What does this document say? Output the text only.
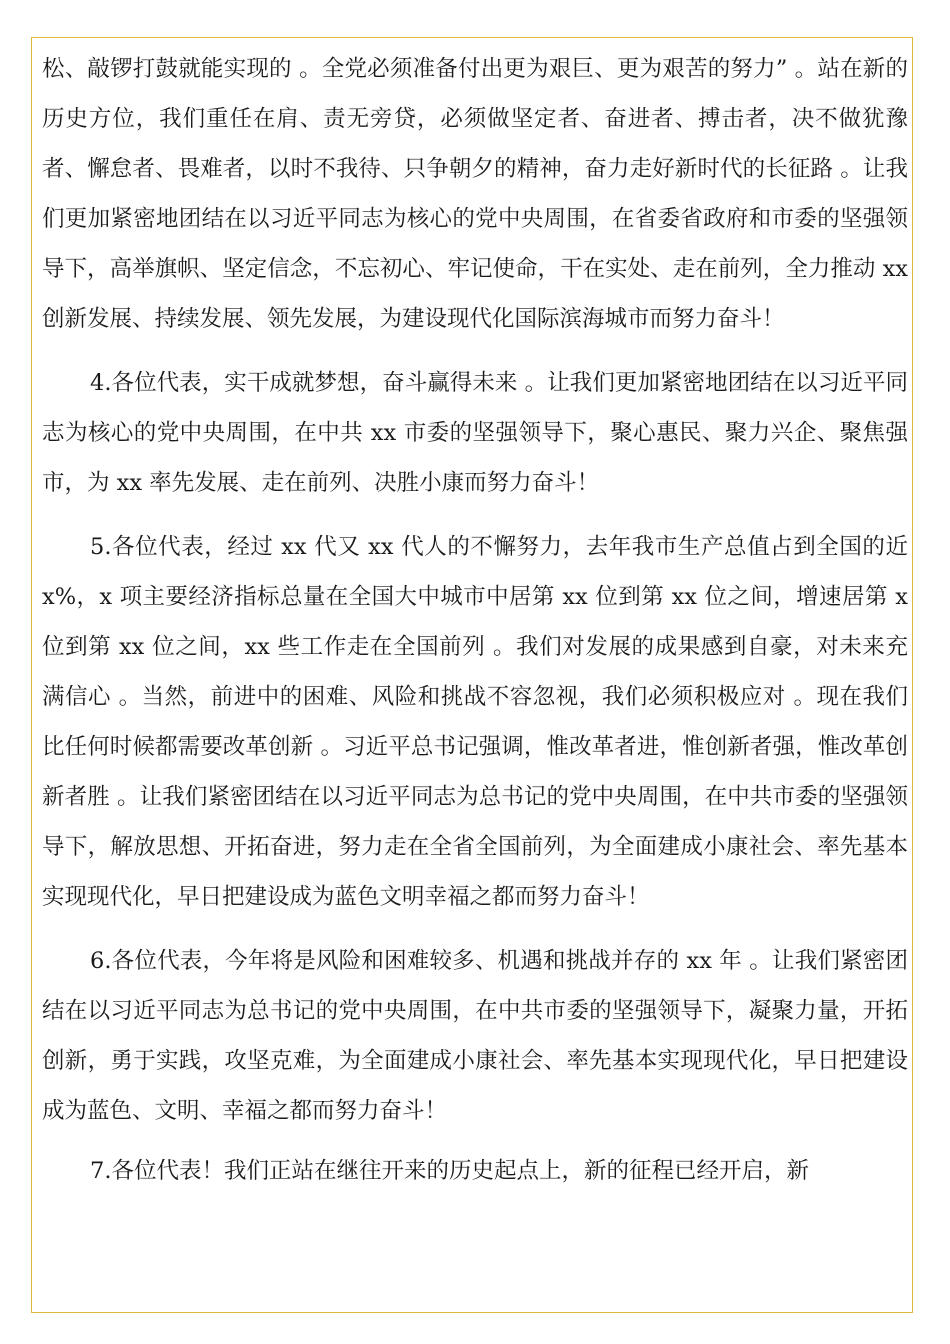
松、敲锣打鼓就能实现的 。全党必须准备付出更为艰巨、更为艰苦的努力” 。站在新的历史方位，我们重任在肩、责无旁贷，必须做坚定者、奋进者、搏击者，决不做犹豫者、懈怠者、畏难者，以时不我待、只争朝夕的精神，奋力走好新时代的长征路 。让我们更加紧密地团结在以习近平同志为核心的党中央周围，在省委省政府和市委的坚强领导下，高举旗帜、坚定信念，不忘初心、牢记使命，干在实处、走在前列，全力推动 xx 创新发展、持续发展、领先发展，为建设现代化国际滨海城市而努力奋斗！

4.各位代表，实干成就梦想，奋斗赢得未来 。让我们更加紧密地团结在以习近平同志为核心的党中央周围，在中共 xx 市委的坚强领导下，聚心惠民、聚力兴企、聚焦强市，为 xx 率先发展、走在前列、决胜小康而努力奋斗！

5.各位代表，经过 xx 代又 xx 代人的不懈努力，去年我市生产总值占到全国的近 x%，x 项主要经济指标总量在全国大中城市中居第 xx 位到第 xx 位之间，增速居第 x 位到第 xx 位之间，xx 些工作走在全国前列 。我们对发展的成果感到自豪，对未来充满信心 。当然，前进中的困难、风险和挑战不容忽视，我们必须积极应对 。现在我们比任何时候都需要改革创新 。习近平总书记强调，惟改革者进，惟创新者强，惟改革创新者胜 。让我们紧密团结在以习近平同志为总书记的党中央周围，在中共市委的坚强领导下，解放思想、开拓奋进，努力走在全省全国前列，为全面建成小康社会、率先基本实现现代化，早日把建设成为蓝色文明幸福之都而努力奋斗！

6.各位代表，今年将是风险和困难较多、机遇和挑战并存的 xx 年 。让我们紧密团结在以习近平同志为总书记的党中央周围，在中共市委的坚强领导下，凝聚力量，开拓创新，勇于实践，攻坚克难，为全面建成小康社会、率先基本实现现代化，早日把建设成为蓝色、文明、幸福之都而努力奋斗！

7.各位代表！我们正站在继往开来的历史起点上，新的征程已经开启，新
